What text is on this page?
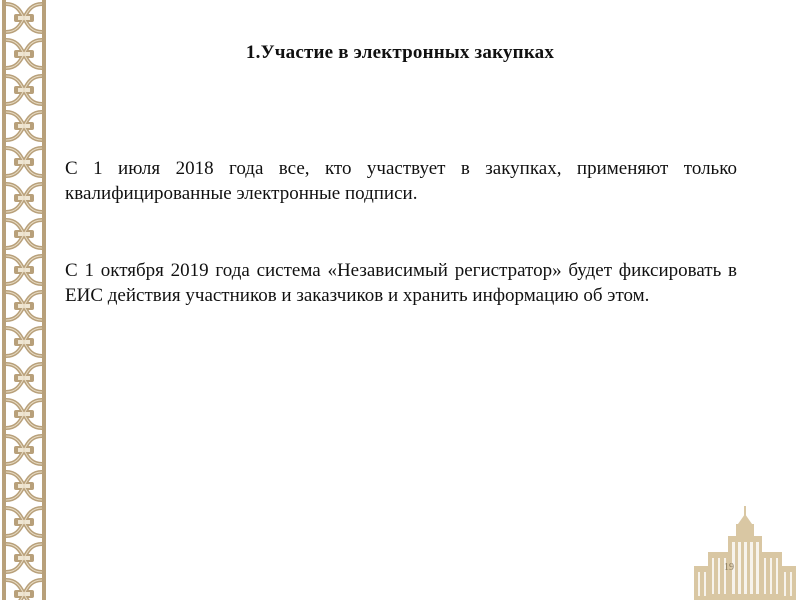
1.Участие в электронных закупках
С 1 июля 2018 года все, кто участвует в закупках, применяют только квалифицированные электронные подписи.
С 1 октября 2019 года система «Независимый регистратор» будет фиксировать в ЕИС действия участников и заказчиков и хранить информацию об этом.
19
